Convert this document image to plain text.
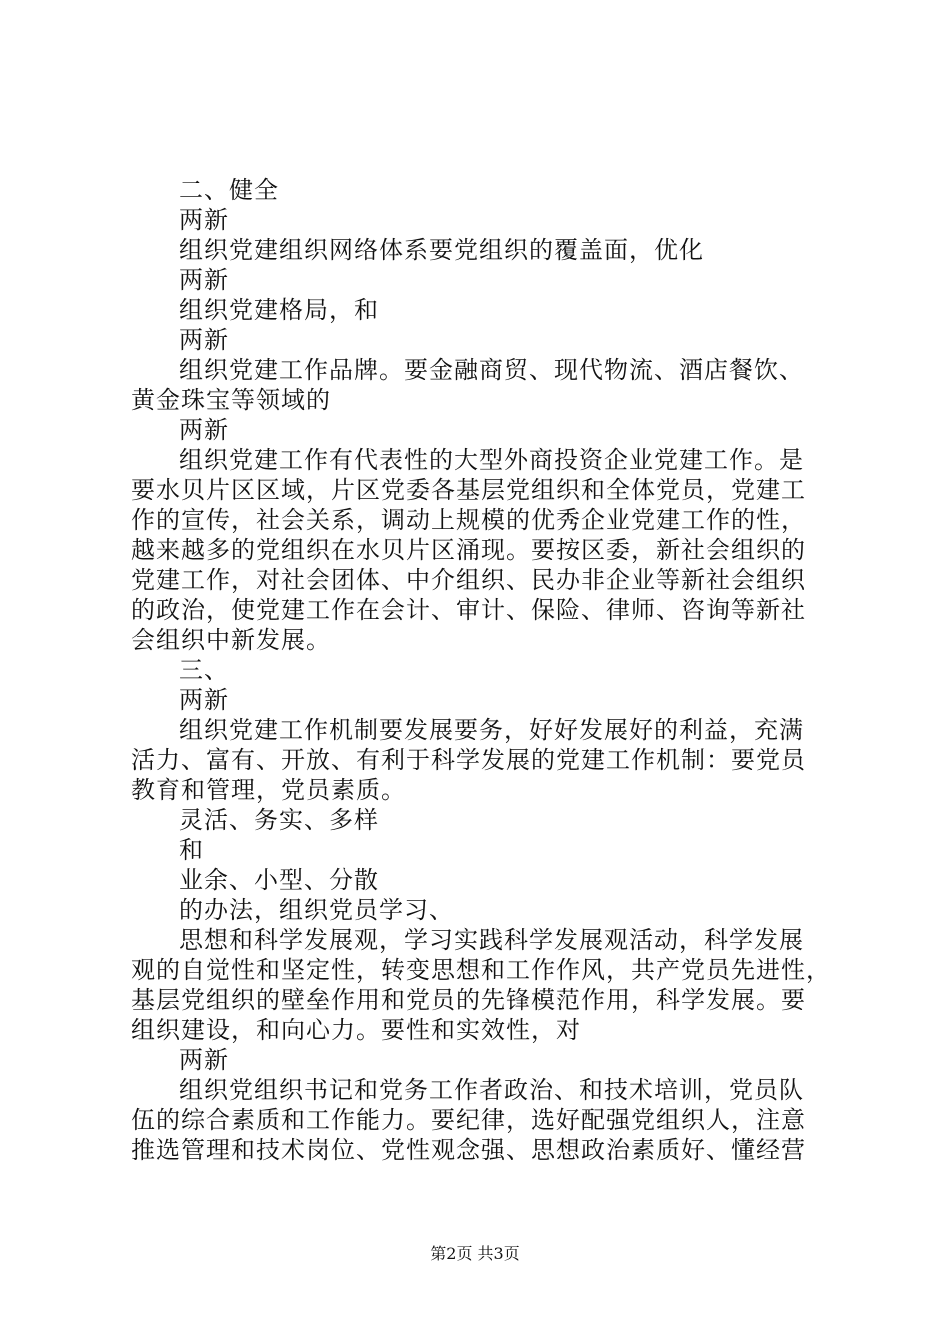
二、健全
两新
组织党建组织网络体系要党组织的覆盖面，优化
两新
组织党建格局，和
两新
组织党建工作品牌。要金融商贸、现代物流、酒店餐饮、
黄金珠宝等领域的
两新
组织党建工作有代表性的大型外商投资企业党建工作。是
要水贝片区区域，片区党委各基层党组织和全体党员，党建工
作的宣传，社会关系，调动上规模的优秀企业党建工作的性，
越来越多的党组织在水贝片区涌现。要按区委，新社会组织的
党建工作，对社会团体、中介组织、民办非企业等新社会组织
的政治，使党建工作在会计、审计、保险、律师、咨询等新社
会组织中新发展。
三、
两新
组织党建工作机制要发展要务，好好发展好的利益，充满
活力、富有、开放、有利于科学发展的党建工作机制：要党员
教育和管理，党员素质。
灵活、务实、多样
和
业余、小型、分散
的办法，组织党员学习、
思想和科学发展观，学习实践科学发展观活动，科学发展
观的自觉性和坚定性，转变思想和工作作风，共产党员先进性，
基层党组织的壁垒作用和党员的先锋模范作用，科学发展。要
组织建设，和向心力。要性和实效性，对
两新
组织党组织书记和党务工作者政治、和技术培训，党员队
伍的综合素质和工作能力。要纪律，选好配强党组织人，注意
推选管理和技术岗位、党性观念强、思想政治素质好、懂经营
第2页 共3页
